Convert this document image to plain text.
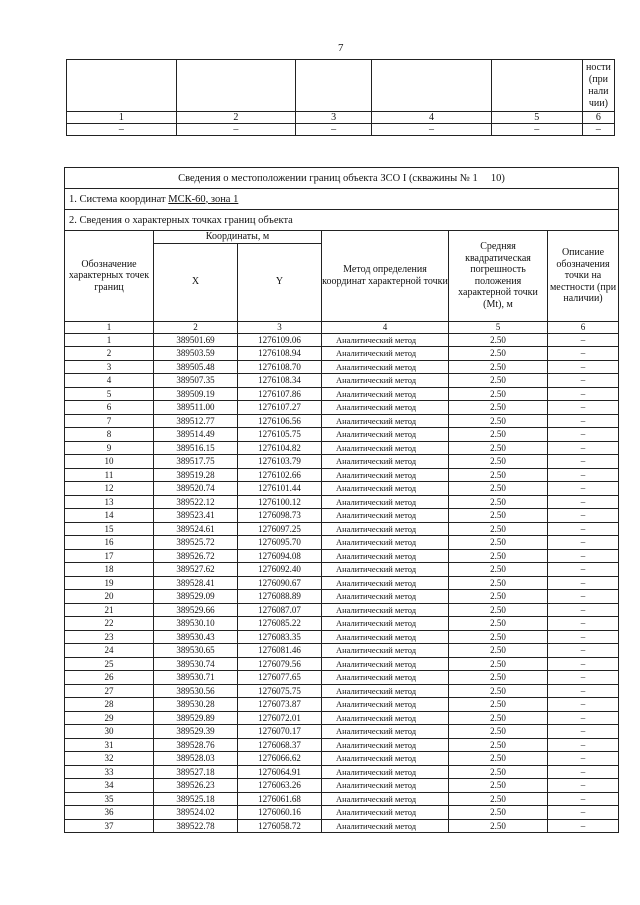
7

					ности
(при
нали
чии)

1	2	3	4	5	6
–	–	–	–	–	–
Сведения о местоположении границ объекта ЗСО I (скважины № 1 10)					
1. Система координат МСК-60, зона 1					
2. Сведения о характерных точках границ объекта					
Обозначение характерных точек границ	Координаты, м		Метод определения координат характерной точки	Средняя квадратическая погрешность положения характерной точки (Mt), м	Описание обозначения точки на местности (при наличии)
	X	Y			
1	2	3	4	5	6
1	389501.69	1276109.06	Аналитический метод	2.50	–
2	389503.59	1276108.94	Аналитический метод	2.50	–
3	389505.48	1276108.70	Аналитический метод	2.50	–
4	389507.35	1276108.34	Аналитический метод	2.50	–
5	389509.19	1276107.86	Аналитический метод	2.50	–
6	389511.00	1276107.27	Аналитический метод	2.50	–
7	389512.77	1276106.56	Аналитический метод	2.50	–
8	389514.49	1276105.75	Аналитический метод	2.50	–
9	389516.15	1276104.82	Аналитический метод	2.50	–
10	389517.75	1276103.79	Аналитический метод	2.50	–
11	389519.28	1276102.66	Аналитический метод	2.50	–
12	389520.74	1276101.44	Аналитический метод	2.50	–
13	389522.12	1276100.12	Аналитический метод	2.50	–
14	389523.41	1276098.73	Аналитический метод	2.50	–
15	389524.61	1276097.25	Аналитический метод	2.50	–
16	389525.72	1276095.70	Аналитический метод	2.50	–
17	389526.72	1276094.08	Аналитический метод	2.50	–
18	389527.62	1276092.40	Аналитический метод	2.50	–
19	389528.41	1276090.67	Аналитический метод	2.50	–
20	389529.09	1276088.89	Аналитический метод	2.50	–
21	389529.66	1276087.07	Аналитический метод	2.50	–
22	389530.10	1276085.22	Аналитический метод	2.50	–
23	389530.43	1276083.35	Аналитический метод	2.50	–
24	389530.65	1276081.46	Аналитический метод	2.50	–
25	389530.74	1276079.56	Аналитический метод	2.50	–
26	389530.71	1276077.65	Аналитический метод	2.50	–
27	389530.56	1276075.75	Аналитический метод	2.50	–
28	389530.28	1276073.87	Аналитический метод	2.50	–
29	389529.89	1276072.01	Аналитический метод	2.50	–
30	389529.39	1276070.17	Аналитический метод	2.50	–
31	389528.76	1276068.37	Аналитический метод	2.50	–
32	389528.03	1276066.62	Аналитический метод	2.50	–
33	389527.18	1276064.91	Аналитический метод	2.50	–
34	389526.23	1276063.26	Аналитический метод	2.50	–
35	389525.18	1276061.68	Аналитический метод	2.50	–
36	389524.02	1276060.16	Аналитический метод	2.50	–
37	389522.78	1276058.72	Аналитический метод	2.50	–
